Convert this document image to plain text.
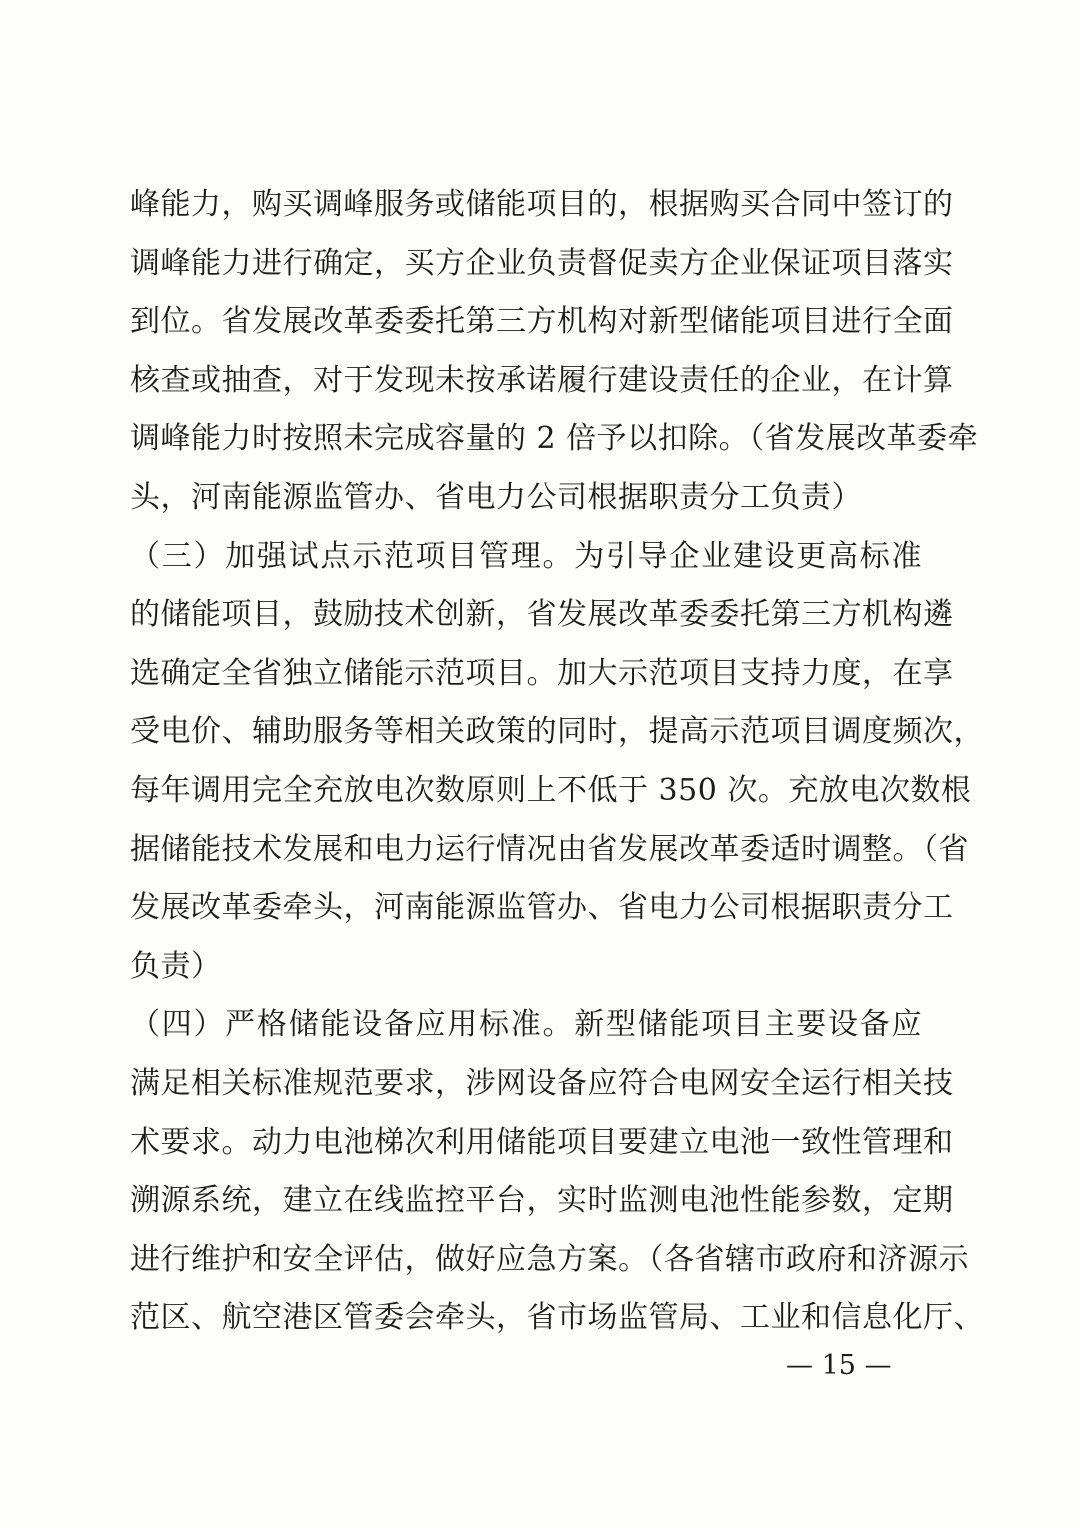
峰能力，购买调峰服务或储能项目的，根据购买合同中签订的
调峰能力进行确定，买方企业负责督促卖方企业保证项目落实
到位。省发展改革委委托第三方机构对新型储能项目进行全面
核查或抽查，对于发现未按承诺履行建设责任的企业，在计算
调峰能力时按照未完成容量的 2 倍予以扣除。（省发展改革委牵
头，河南能源监管办、省电力公司根据职责分工负责）
（三）加强试点示范项目管理。为引导企业建设更高标准
的储能项目，鼓励技术创新，省发展改革委委托第三方机构遴
选确定全省独立储能示范项目。加大示范项目支持力度，在享
受电价、辅助服务等相关政策的同时，提高示范项目调度频次，
每年调用完全充放电次数原则上不低于 350 次。充放电次数根
据储能技术发展和电力运行情况由省发展改革委适时调整。（省
发展改革委牵头，河南能源监管办、省电力公司根据职责分工
负责）
（四）严格储能设备应用标准。新型储能项目主要设备应
满足相关标准规范要求，涉网设备应符合电网安全运行相关技
术要求。动力电池梯次利用储能项目要建立电池一致性管理和
溯源系统，建立在线监控平台，实时监测电池性能参数，定期
进行维护和安全评估，做好应急方案。（各省辖市政府和济源示
范区、航空港区管委会牵头，省市场监管局、工业和信息化厅、
— 15 —
